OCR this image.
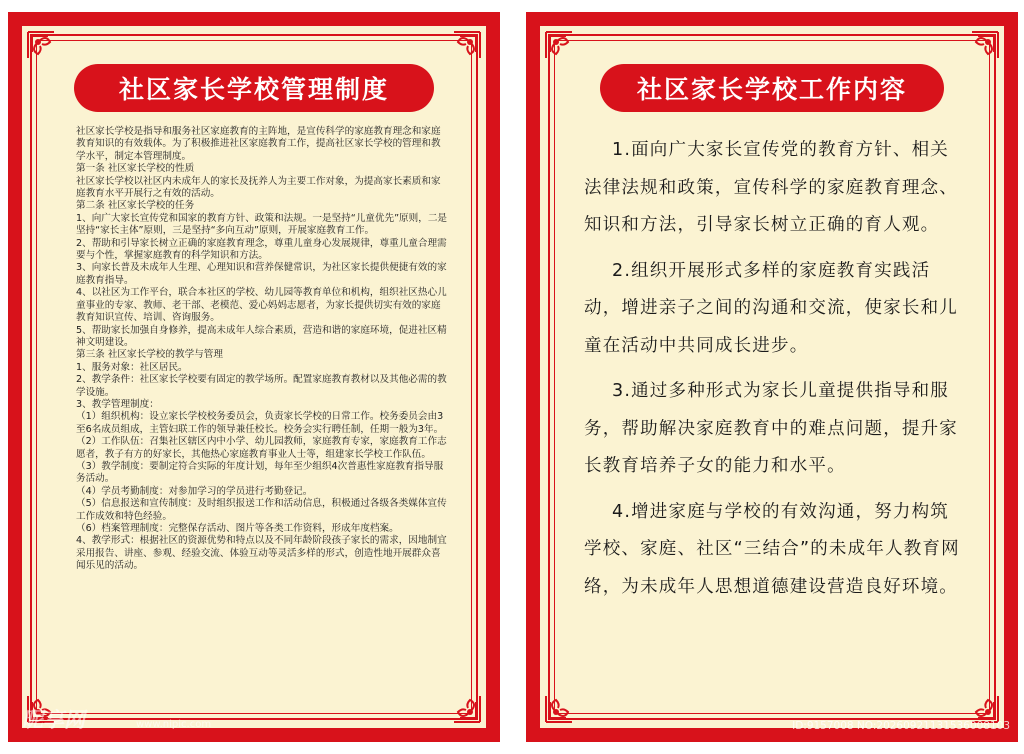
社区家长学校管理制度

社区家长学校是指导和服务社区家庭教育的主阵地，是宣传科学的家庭教育理念和家庭教育知识的有效载体。为了积极推进社区家庭教育工作，提高社区家长学校的管理和教学水平，制定本管理制度。

第一条 社区家长学校的性质

社区家长学校以社区内未成年人的家长及抚养人为主要工作对象，为提高家长素质和家庭教育水平开展行之有效的活动。

第二条 社区家长学校的任务

1、向广大家长宣传党和国家的教育方针、政策和法规。一是坚持“儿童优先”原则，二是坚持“家长主体”原则，三是坚持“多向互动”原则，开展家庭教育工作。

2、帮助和引导家长树立正确的家庭教育理念，尊重儿童身心发展规律，尊重儿童合理需要与个性，掌握家庭教育的科学知识和方法。

3、向家长普及未成年人生理、心理知识和营养保健常识，为社区家长提供便捷有效的家庭教育指导。

4、以社区为工作平台，联合本社区的学校、幼儿园等教育单位和机构，组织社区热心儿童事业的专家、教师、老干部、老模范、爱心妈妈志愿者，为家长提供切实有效的家庭教育知识宣传、培训、咨询服务。

5、帮助家长加强自身修养，提高未成年人综合素质，营造和谐的家庭环境，促进社区精神文明建设。

第三条 社区家长学校的教学与管理

1、服务对象：社区居民。

2、教学条件：社区家长学校要有固定的教学场所。配置家庭教育教材以及其他必需的教学设施。

3、教学管理制度：

（1）组织机构：设立家长学校校务委员会，负责家长学校的日常工作。校务委员会由3至6名成员组成，主管妇联工作的领导兼任校长。校务会实行聘任制，任期一般为3年。

（2）工作队伍：召集社区辖区内中小学、幼儿园教师，家庭教育专家，家庭教育工作志愿者，教子有方的好家长，其他热心家庭教育事业人士等，组建家长学校工作队伍。

（3）教学制度：要制定符合实际的年度计划，每年至少组织4次普惠性家庭教育指导服务活动。

（4）学员考勤制度：对参加学习的学员进行考勤登记。

（5）信息报送和宣传制度：及时组织报送工作和活动信息，积极通过各级各类媒体宣传工作成效和特色经验。

（6）档案管理制度：完整保存活动、图片等各类工作资料，形成年度档案。

4、教学形式：根据社区的资源优势和特点以及不同年龄阶段孩子家长的需求，因地制宜采用报告、讲座、参观、经验交流、体验互动等灵活多样的形式，创造性地开展群众喜闻乐见的活动。

昵享网	www.nipic.com
社区家长学校工作内容

1.面向广大家长宣传党的教育方针、相关法律法规和政策，宣传科学的家庭教育理念、知识和方法，引导家长树立正确的育人观。

2.组织开展形式多样的家庭教育实践活动，增进亲子之间的沟通和交流，使家长和儿童在活动中共同成长进步。

3.通过多种形式为家长儿童提供指导和服务，帮助解决家庭教育中的难点问题，提升家长教育培养子女的能力和水平。

4.增进家庭与学校的有效沟通，努力构筑学校、家庭、社区“三结合”的未成年人教育网络，为未成年人思想道德建设营造良好环境。

ID:9157008 NO:20260921131536008103
